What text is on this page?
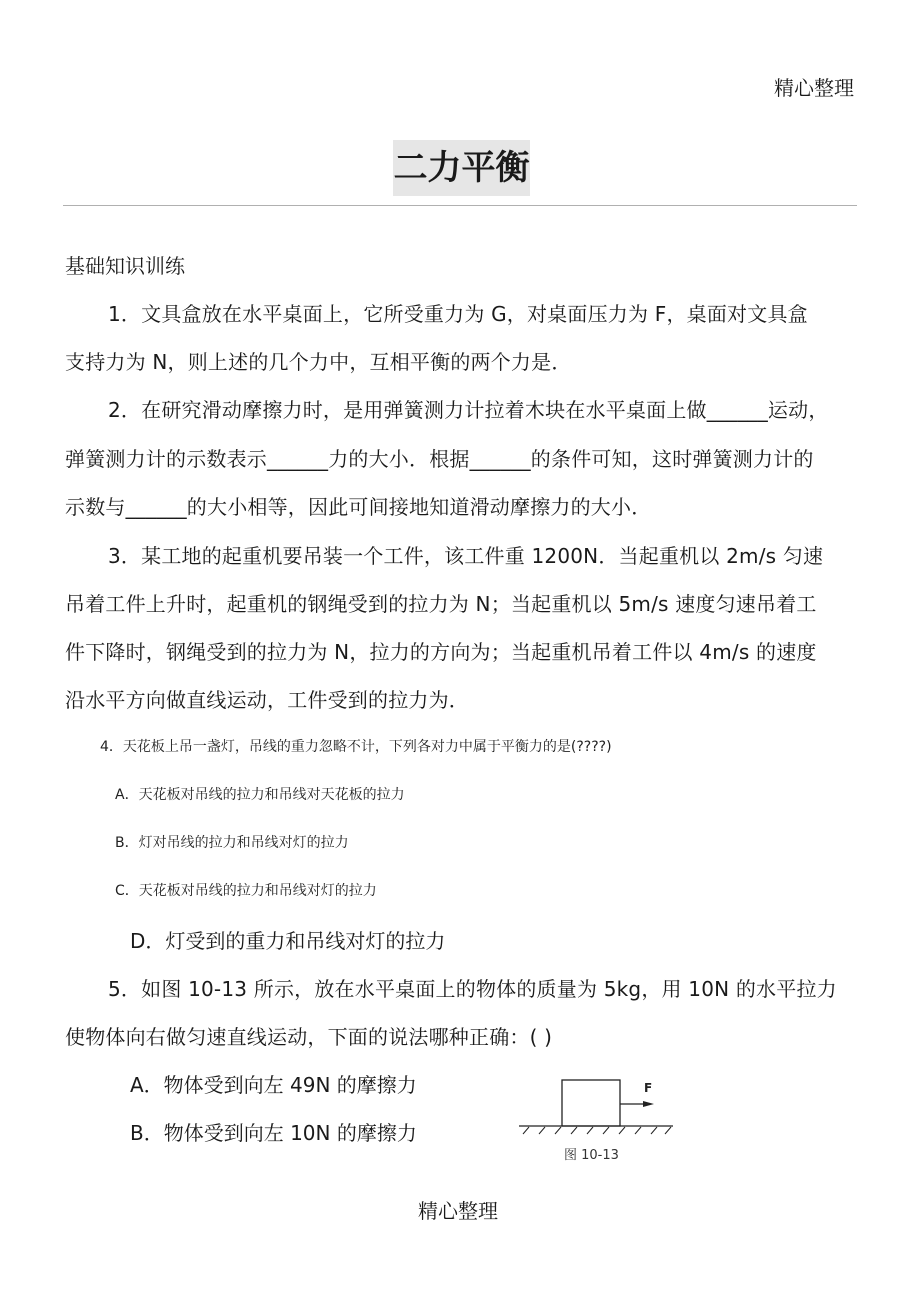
精心整理
二力平衡
基础知识训练
1．文具盒放在水平桌面上，它所受重力为 G，对桌面压力为 F，桌面对文具盒
支持力为 N，则上述的几个力中，互相平衡的两个力是．
2．在研究滑动摩擦力时，是用弹簧测力计拉着木块在水平桌面上做______运动，
弹簧测力计的示数表示______力的大小．根据______的条件可知，这时弹簧测力计的
示数与______的大小相等，因此可间接地知道滑动摩擦力的大小．
3．某工地的起重机要吊装一个工件，该工件重 1200N．当起重机以 2m/s 匀速
吊着工件上升时，起重机的钢绳受到的拉力为 N；当起重机以 5m/s 速度匀速吊着工
件下降时，钢绳受到的拉力为 N，拉力的方向为；当起重机吊着工件以 4m/s 的速度
沿水平方向做直线运动，工件受到的拉力为．
4．天花板上吊一盏灯，吊线的重力忽略不计，下列各对力中属于平衡力的是(????)
A．天花板对吊线的拉力和吊线对天花板的拉力
B．灯对吊线的拉力和吊线对灯的拉力
C．天花板对吊线的拉力和吊线对灯的拉力
D．灯受到的重力和吊线对灯的拉力
5．如图 10-13 所示，放在水平桌面上的物体的质量为 5kg，用 10N 的水平拉力
使物体向右做匀速直线运动，下面的说法哪种正确：( )
A．物体受到向左 49N 的摩擦力
B．物体受到向左 10N 的摩擦力
F
图 10-13
精心整理
